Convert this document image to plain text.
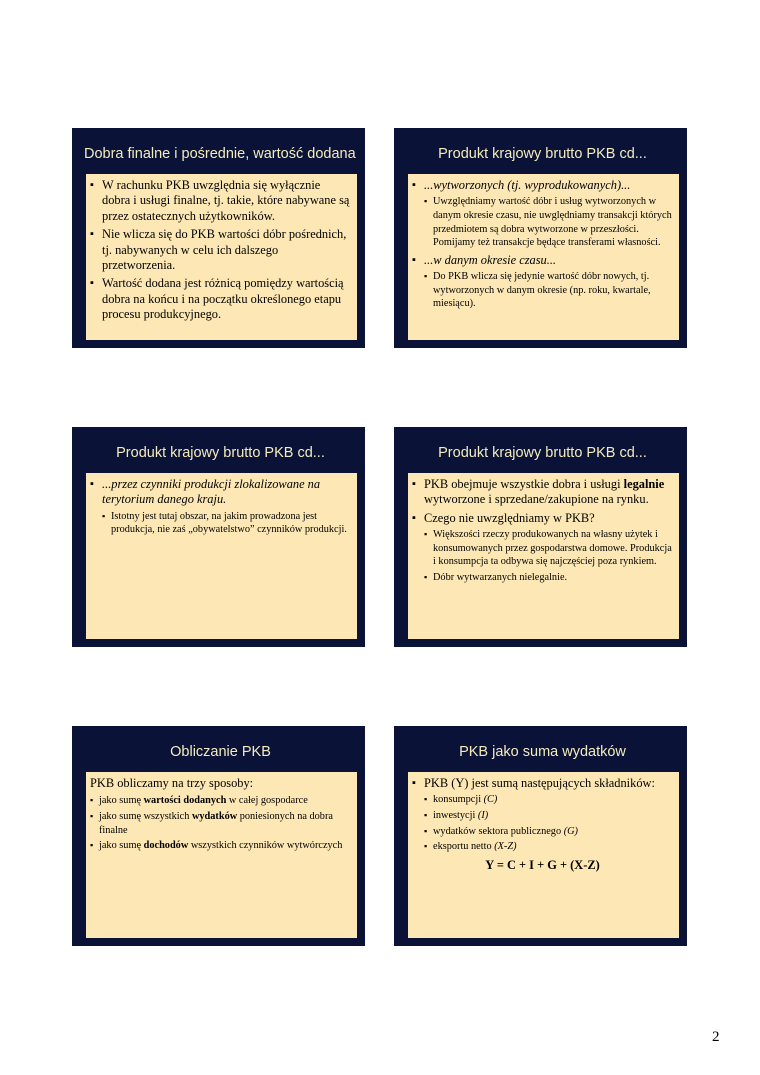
Dobra finalne i pośrednie, wartość dodana
▪ W rachunku PKB uwzględnia się wyłącznie dobra i usługi finalne, tj. takie, które nabywane są przez ostatecznych użytkowników.
▪ Nie wlicza się do PKB wartości dóbr pośrednich, tj. nabywanych w celu ich dalszego przetworzenia.
▪ Wartość dodana jest różnicą pomiędzy wartością dobra na końcu i na początku określonego etapu procesu produkcyjnego.
Produkt krajowy brutto PKB cd...
▪ ...wytworzonych (tj. wyprodukowanych)...
▪ Uwzględniamy wartość dóbr i usług wytworzonych w danym okresie czasu, nie uwględniamy transakcji których przedmiotem są dobra wytworzone w przeszłości. Pomijamy też transakcje będące transferami własności.
▪ ...w danym okresie czasu...
▪ Do PKB wlicza się jedynie wartość dóbr nowych, tj. wytworzonych w danym okresie (np. roku, kwartale, miesiącu).
Produkt krajowy brutto PKB cd...
▪ ...przez czynniki produkcji zlokalizowane na terytorium danego kraju.
▪ Istotny jest tutaj obszar, na jakim prowadzona jest produkcja, nie zaś „obywatelstwo” czynników produkcji.
Produkt krajowy brutto PKB cd...
▪ PKB obejmuje wszystkie dobra i usługi legalnie wytworzone i sprzedane/zakupione na rynku.
▪ Czego nie uwzględniamy w PKB?
▪ Większości rzeczy produkowanych na własny użytek i konsumowanych przez gospodarstwa domowe. Produkcja i konsumpcja ta odbywa się najczęściej poza rynkiem.
▪ Dóbr wytwarzanych nielegalnie.
Obliczanie PKB
PKB obliczamy na trzy sposoby:
▪ jako sumę wartości dodanych w całej gospodarce
▪ jako sumę wszystkich wydatków poniesionych na dobra finalne
▪ jako sumę dochodów wszystkich czynników wytwórczych
PKB jako suma wydatków
▪ PKB (Y) jest sumą następujących składników:
▪ konsumpcji (C)
▪ inwestycji (I)
▪ wydatków sektora publicznego (G)
▪ eksportu netto (X-Z)
Y = C + I + G + (X-Z)
2
